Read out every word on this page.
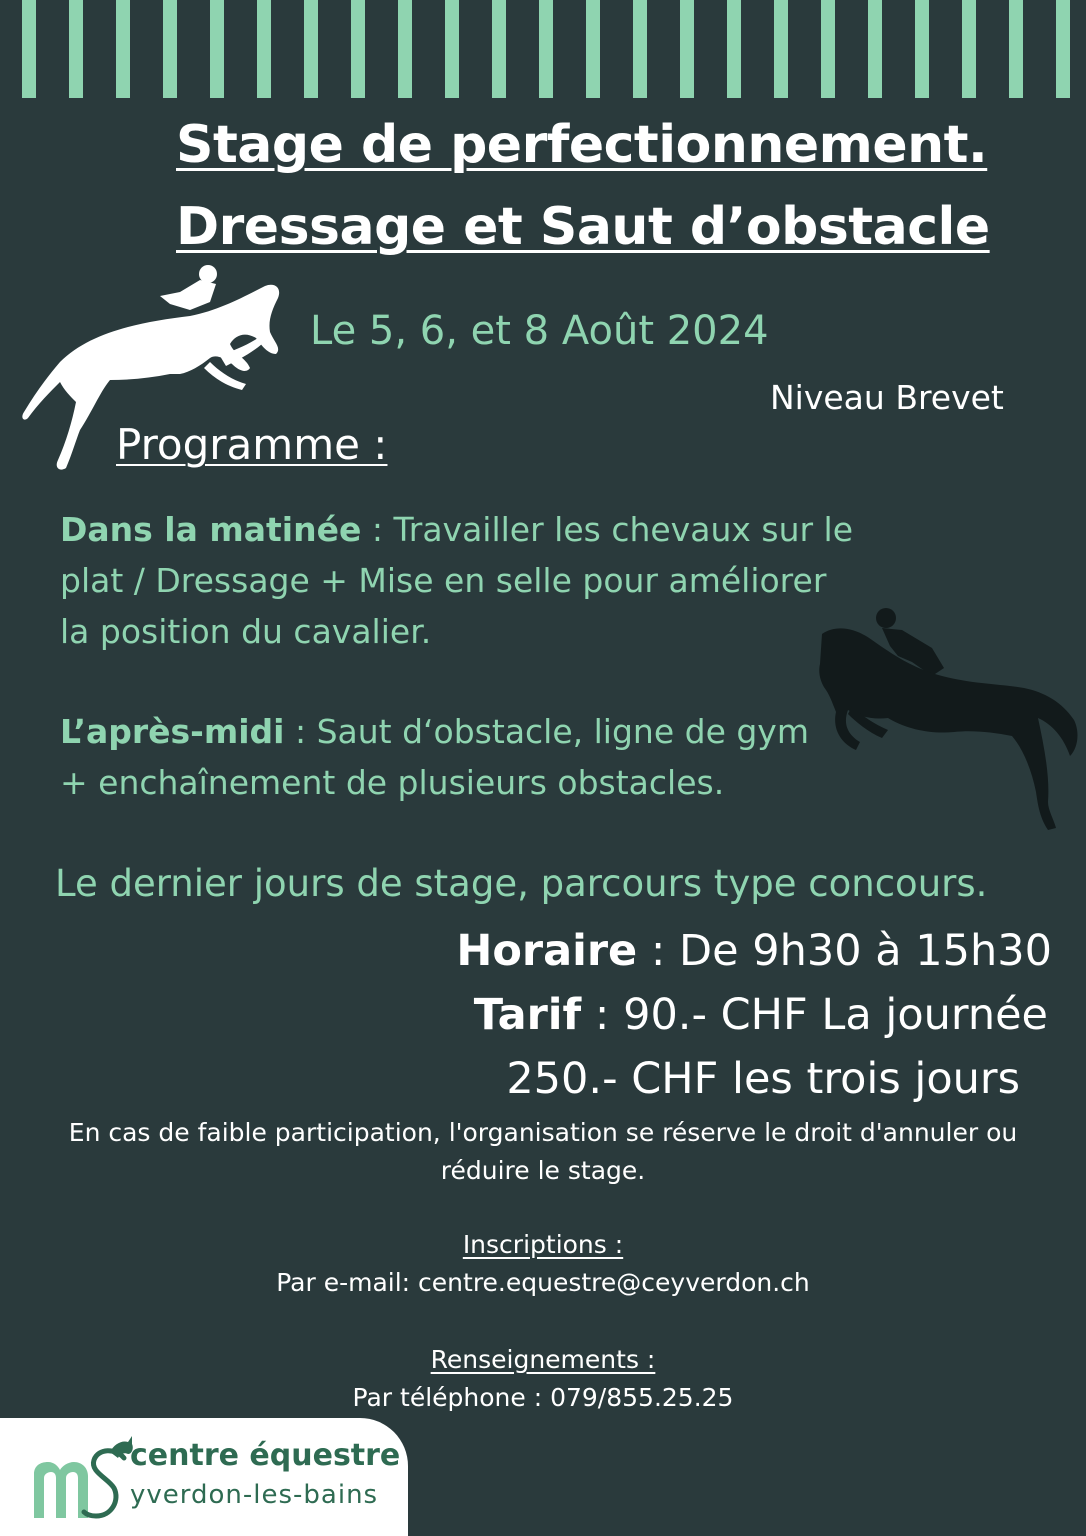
Stage de perfectionnement.
Dressage et Saut d’obstacle
Le 5, 6, et 8 Août 2024
Niveau Brevet
Programme :

Dans la matinée : Travailler les chevaux sur le plat / Dressage + Mise en selle pour améliorer la position du cavalier.

L’après-midi : Saut d‘obstacle, ligne de gym + enchaînement de plusieurs obstacles.

Le dernier jours de stage, parcours type concours.
Horaire : De 9h30 à 15h30
Tarif : 90.- CHF La journée
250.- CHF les trois jours
En cas de faible participation, l'organisation se réserve le droit d'annuler ou réduire le stage.
Inscriptions :
Par e-mail: centre.equestre@ceyverdon.ch
Renseignements :
Par téléphone : 079/855.25.25
centre équestre
yverdon-les-bains
